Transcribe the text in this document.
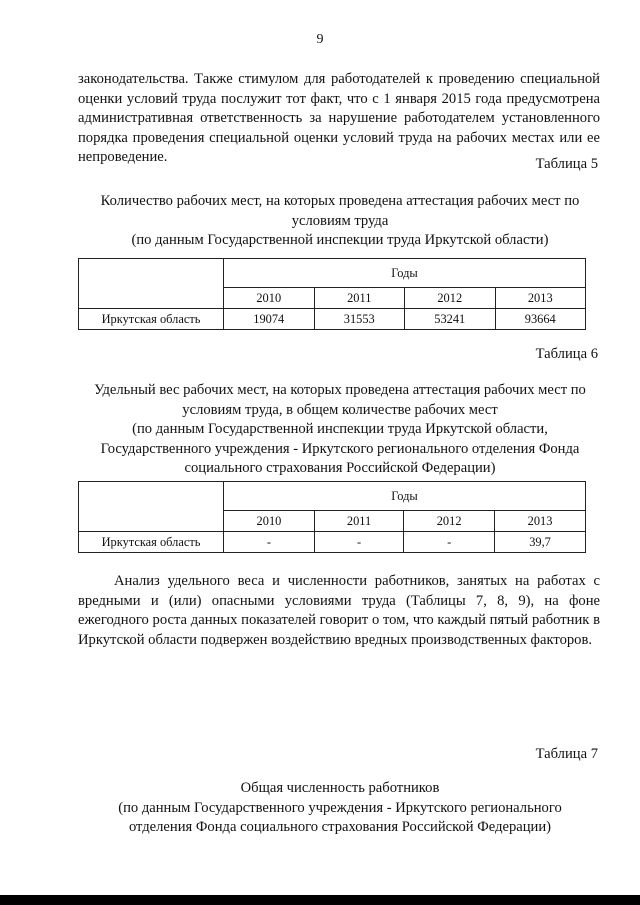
9

законодательства. Также стимулом для работодателей к проведению специальной оценки условий труда послужит тот факт, что с 1 января 2015 года предусмотрена административная ответственность за нарушение работодателем установленного порядка проведения специальной оценки условий труда на рабочих местах или ее непроведение.	Таблица 5
Количество рабочих мест, на которых проведена аттестация рабочих мест по
условиям труда
(по данным Государственной инспекции труда Иркутской области)
	Годы			
	2010	2011	2012	2013
Иркутская область	19074	31553	53241	93664
Таблица 6
Удельный вес рабочих мест, на которых проведена аттестация рабочих мест по
условиям труда, в общем количестве рабочих мест
(по данным Государственной инспекции труда Иркутской области,
Государственного учреждения - Иркутского регионального отделения Фонда
социального страхования Российской Федерации)
	Годы			
	2010	2011	2012	2013
Иркутская область	-	-	-	39,7

Анализ удельного веса и численности работников, занятых на работах с вредными и (или) опасными условиями труда (Таблицы 7, 8, 9), на фоне ежегодного роста данных показателей говорит о том, что каждый пятый работник в Иркутской области подвержен воздействию вредных производственных факторов.

Таблица 7
Общая численность работников
(по данным Государственного учреждения - Иркутского регионального
отделения Фонда социального страхования Российской Федерации)
